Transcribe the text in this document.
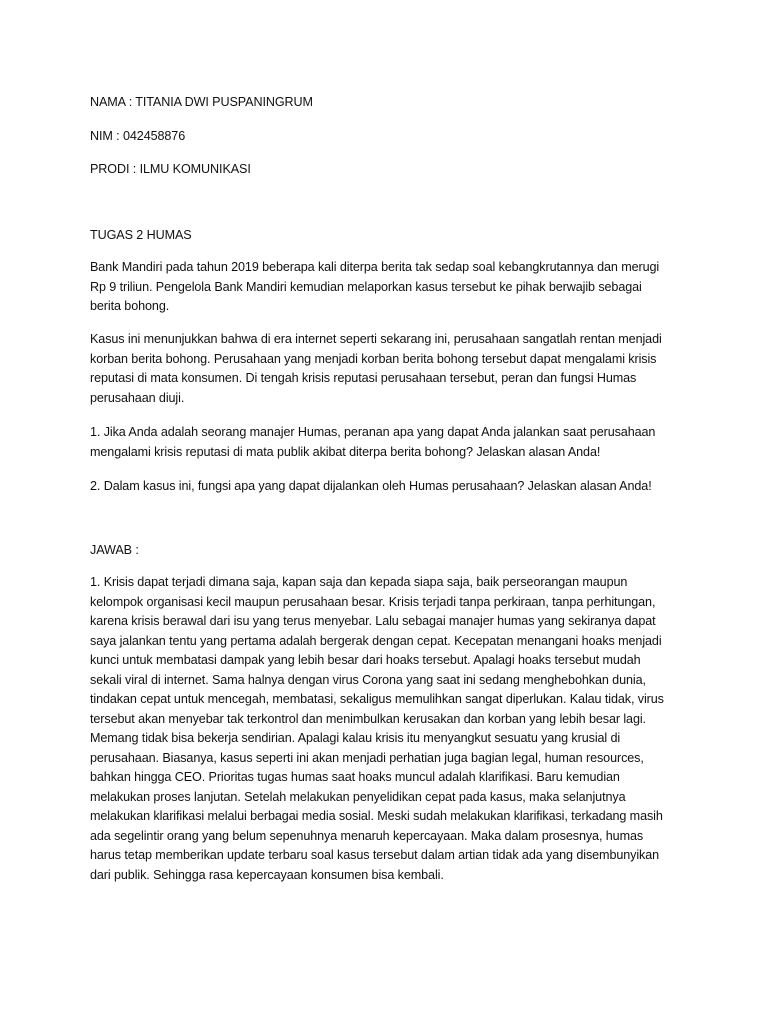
NAMA : TITANIA DWI PUSPANINGRUM
NIM : 042458876
PRODI : ILMU KOMUNIKASI
TUGAS 2 HUMAS
Bank Mandiri pada tahun 2019 beberapa kali diterpa berita tak sedap soal kebangkrutannya dan merugi
Rp 9 triliun. Pengelola Bank Mandiri kemudian melaporkan kasus tersebut ke pihak berwajib sebagai
berita bohong.
Kasus ini menunjukkan bahwa di era internet seperti sekarang ini, perusahaan sangatlah rentan menjadi
korban berita bohong. Perusahaan yang menjadi korban berita bohong tersebut dapat mengalami krisis
reputasi di mata konsumen. Di tengah krisis reputasi perusahaan tersebut, peran dan fungsi Humas
perusahaan diuji.
1. Jika Anda adalah seorang manajer Humas, peranan apa yang dapat Anda jalankan saat perusahaan
mengalami krisis reputasi di mata publik akibat diterpa berita bohong? Jelaskan alasan Anda!
2. Dalam kasus ini, fungsi apa yang dapat dijalankan oleh Humas perusahaan? Jelaskan alasan Anda!
JAWAB :
1. Krisis dapat terjadi dimana saja, kapan saja dan kepada siapa saja, baik perseorangan maupun
kelompok organisasi kecil maupun perusahaan besar. Krisis terjadi tanpa perkiraan, tanpa perhitungan,
karena krisis berawal dari isu yang terus menyebar. Lalu sebagai manajer humas yang sekiranya dapat
saya jalankan tentu yang pertama adalah bergerak dengan cepat. Kecepatan menangani hoaks menjadi
kunci untuk membatasi dampak yang lebih besar dari hoaks tersebut. Apalagi hoaks tersebut mudah
sekali viral di internet. Sama halnya dengan virus Corona yang saat ini sedang menghebohkan dunia,
tindakan cepat untuk mencegah, membatasi, sekaligus memulihkan sangat diperlukan. Kalau tidak, virus
tersebut akan menyebar tak terkontrol dan menimbulkan kerusakan dan korban yang lebih besar lagi.
Memang tidak bisa bekerja sendirian. Apalagi kalau krisis itu menyangkut sesuatu yang krusial di
perusahaan. Biasanya, kasus seperti ini akan menjadi perhatian juga bagian legal, human resources,
bahkan hingga CEO. Prioritas tugas humas saat hoaks muncul adalah klarifikasi. Baru kemudian
melakukan proses lanjutan. Setelah melakukan penyelidikan cepat pada kasus, maka selanjutnya
melakukan klarifikasi melalui berbagai media sosial. Meski sudah melakukan klarifikasi, terkadang masih
ada segelintir orang yang belum sepenuhnya menaruh kepercayaan. Maka dalam prosesnya, humas
harus tetap memberikan update terbaru soal kasus tersebut dalam artian tidak ada yang disembunyikan
dari publik. Sehingga rasa kepercayaan konsumen bisa kembali.
